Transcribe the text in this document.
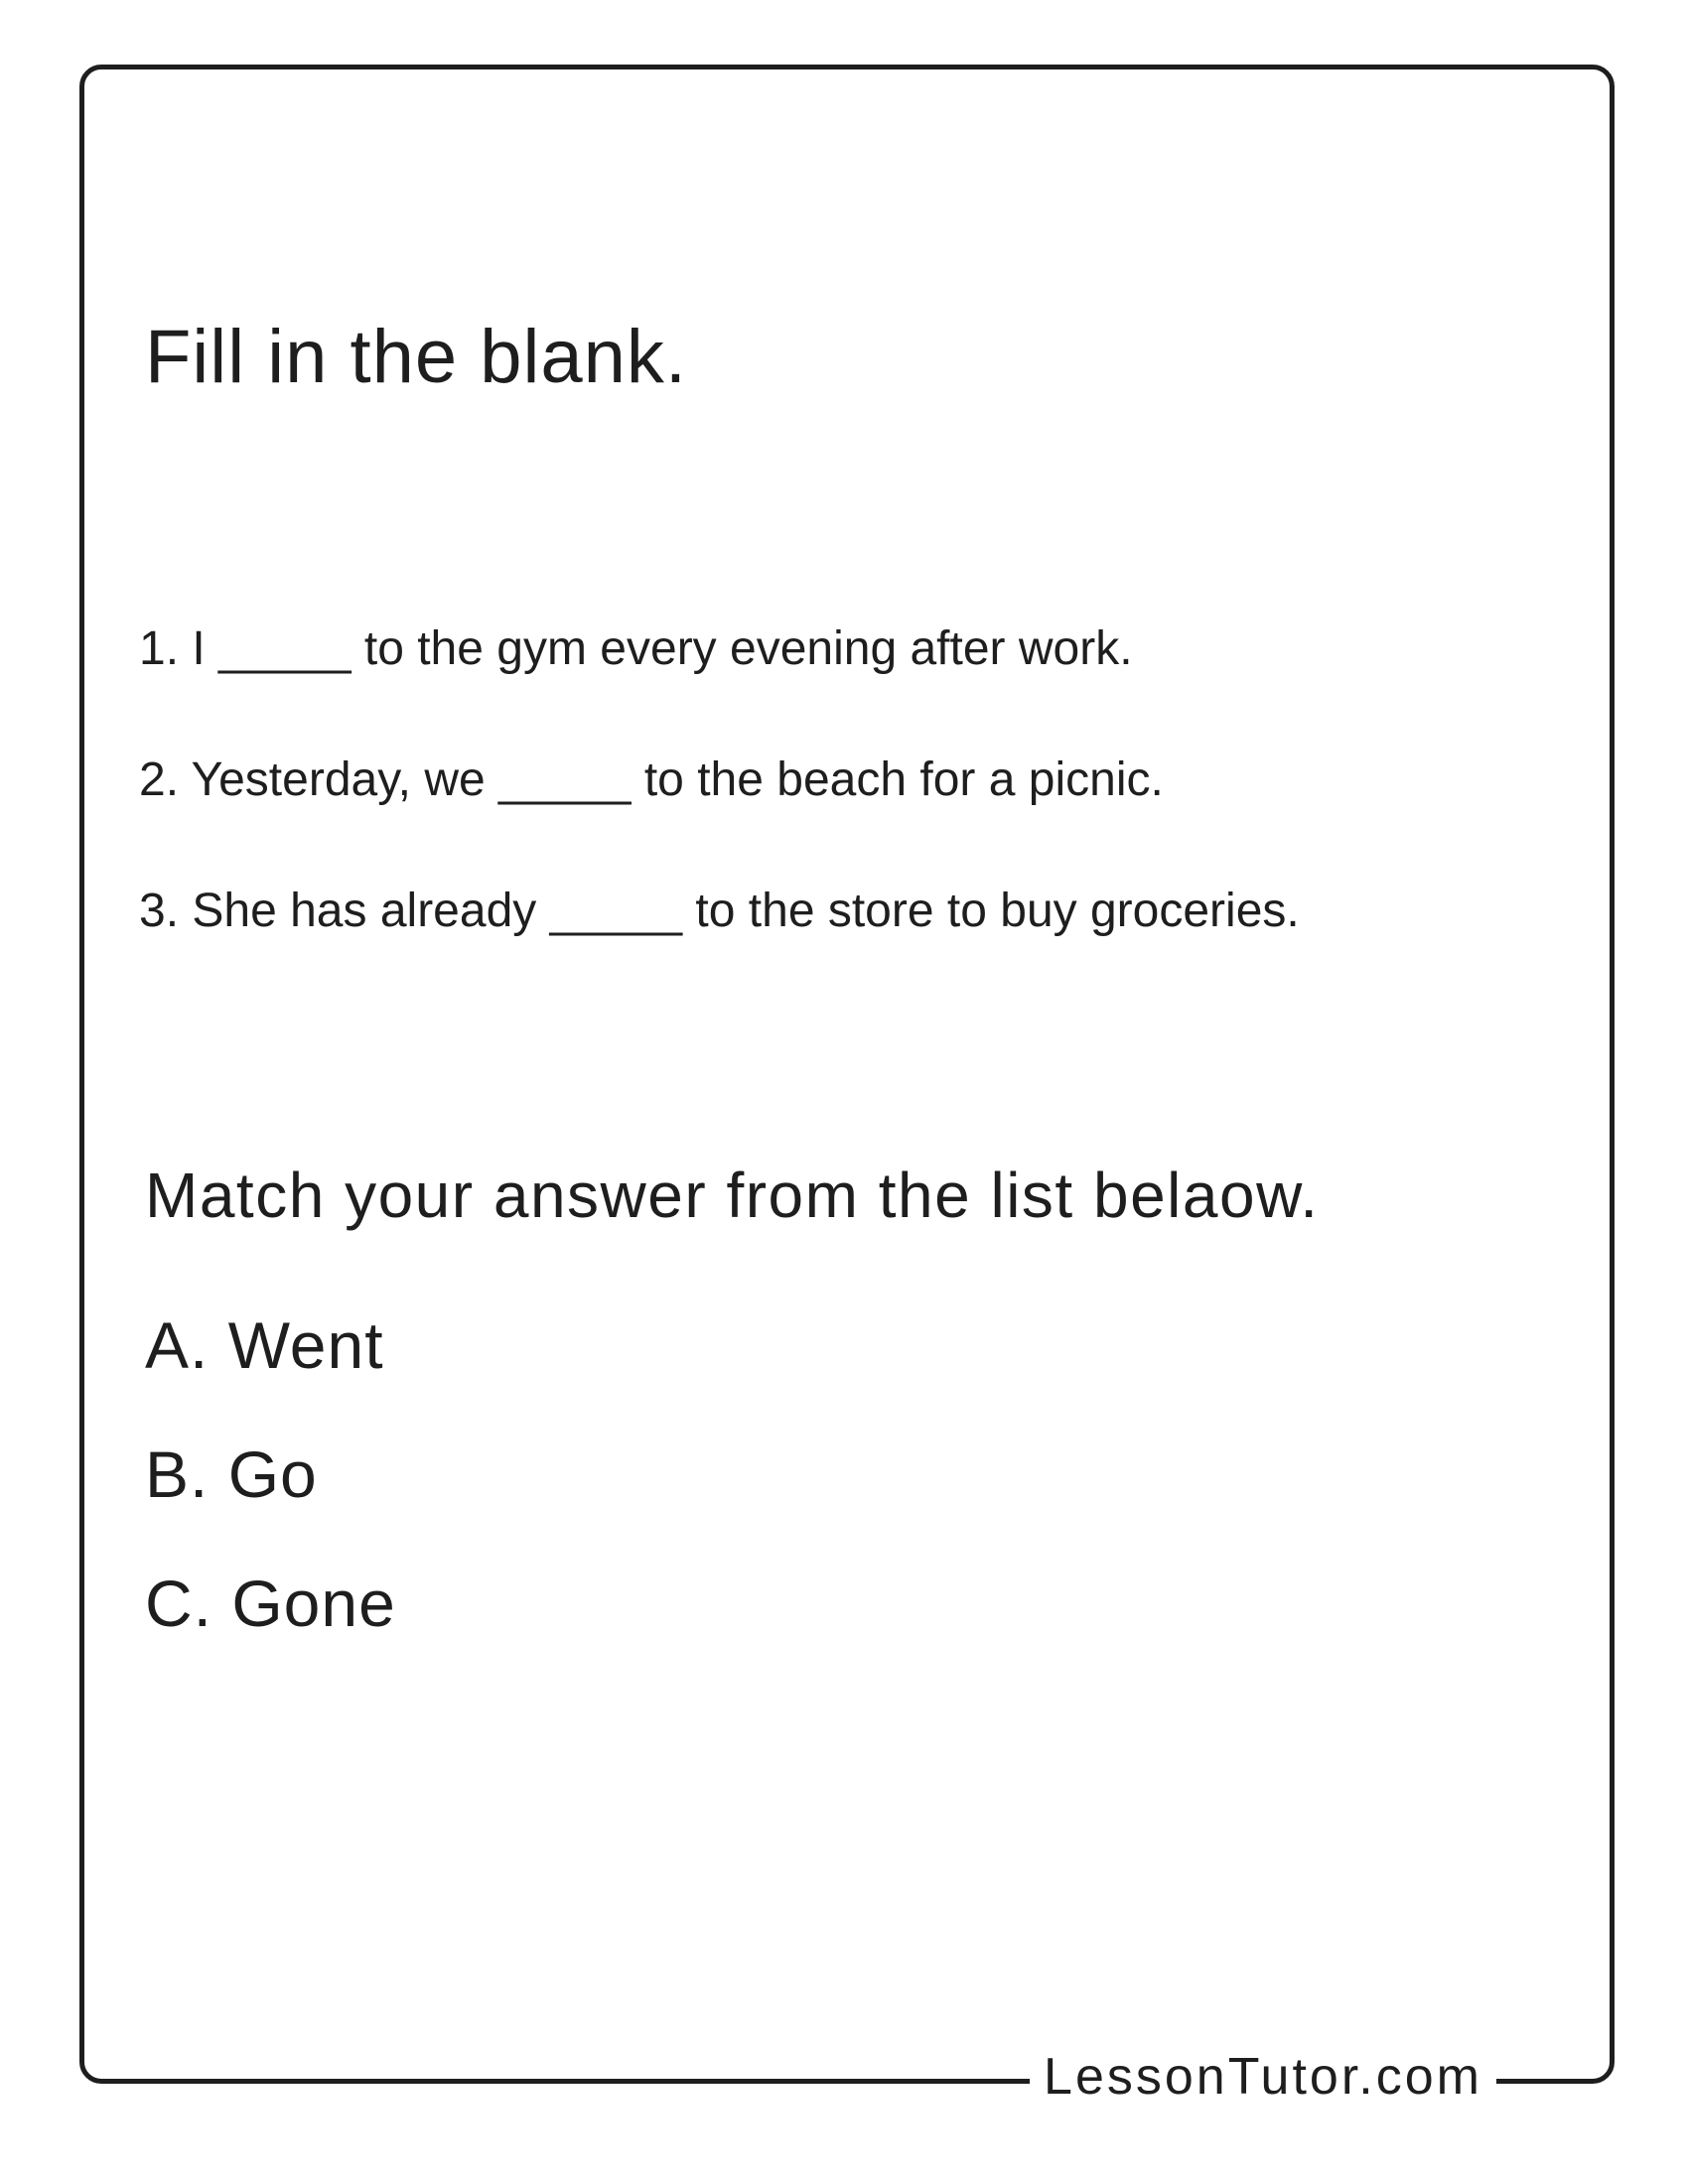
LessonTutor.com
Fill in the blank.
1. I _____ to the gym every evening after work.
2. Yesterday, we _____ to the beach for a picnic.
3. She has already _____ to the store to buy groceries.
Match your answer from the list belaow.
A. Went
B. Go
C. Gone
